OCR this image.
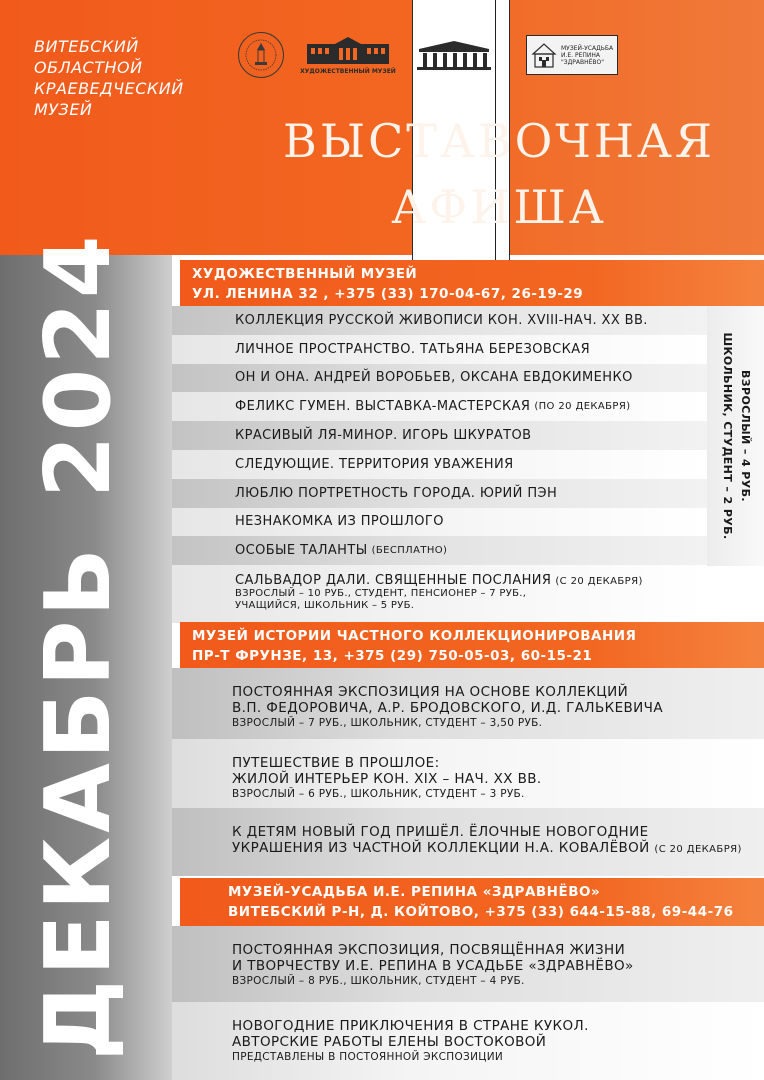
ВИТЕБСКИЙ
ОБЛАСТНОЙ
КРАЕВЕДЧЕСКИЙ
МУЗЕЙ
ХУДОЖЕСТВЕННЫЙ МУЗЕЙ
МУЗЕЙ-УСАДЬБА
И.Е. РЕПИНА
"ЗДРАВНЁВО"
ВЫСТАВОЧНАЯ
АФИША
ДЕКАБРЬ2024	ХУДОЖЕСТВЕННЫЙ МУЗЕЙ
УЛ. ЛЕНИНА 32 , +375 (33) 170-04-67, 26-19-29
КОЛЛЕКЦИЯ РУССКОЙ ЖИВОПИСИ КОН. XVIII-НАЧ. XX ВВ.
ЛИЧНОЕ ПРОСТРАНСТВО. ТАТЬЯНА БЕРЕЗОВСКАЯ
ОН И ОНА. АНДРЕЙ ВОРОБЬЕВ, ОКСАНА ЕВДОКИМЕНКО
ФЕЛИКС ГУМЕН. ВЫСТАВКА-МАСТЕРСКАЯ (ПО 20 ДЕКАБРЯ)
КРАСИВЫЙ ЛЯ-МИНОР. ИГОРЬ ШКУРАТОВ
СЛЕДУЮЩИЕ. ТЕРРИТОРИЯ УВАЖЕНИЯ
ЛЮБЛЮ ПОРТРЕТНОСТЬ ГОРОДА. ЮРИЙ ПЭН
НЕЗНАКОМКА ИЗ ПРОШЛОГО
ОСОБЫЕ ТАЛАНТЫ (БЕСПЛАТНО)
САЛЬВАДОР ДАЛИ. СВЯЩЕННЫЕ ПОСЛАНИЯ (С 20 ДЕКАБРЯ)
ВЗРОСЛЫЙ – 10 РУБ., СТУДЕНТ, ПЕНСИОНЕР – 7 РУБ.,
УЧАЩИЙСЯ, ШКОЛЬНИК – 5 РУБ.
ВЗРОСЛЫЙ – 4 РУБ.
ШКОЛЬНИК, СТУДЕНТ – 2 РУБ.
МУЗЕЙ ИСТОРИИ ЧАСТНОГО КОЛЛЕКЦИОНИРОВАНИЯ
ПР-Т ФРУНЗЕ, 13, +375 (29) 750-05-03, 60-15-21
ПОСТОЯННАЯ ЭКСПОЗИЦИЯ НА ОСНОВЕ КОЛЛЕКЦИЙ
В.П. ФЕДОРОВИЧА, А.Р. БРОДОВСКОГО, И.Д. ГАЛЬКЕВИЧА
ВЗРОСЛЫЙ – 7 РУБ., ШКОЛЬНИК, СТУДЕНТ – 3,50 РУБ.
ПУТЕШЕСТВИЕ В ПРОШЛОЕ:
ЖИЛОЙ ИНТЕРЬЕР КОН. XIX – НАЧ. XX ВВ.
ВЗРОСЛЫЙ – 6 РУБ., ШКОЛЬНИК, СТУДЕНТ – 3 РУБ.
К ДЕТЯМ НОВЫЙ ГОД ПРИШЁЛ. ЁЛОЧНЫЕ НОВОГОДНИЕ
УКРАШЕНИЯ ИЗ ЧАСТНОЙ КОЛЛЕКЦИИ Н.А. КОВАЛЁВОЙ (С 20 ДЕКАБРЯ)
МУЗЕЙ-УСАДЬБА И.Е. РЕПИНА «ЗДРАВНЁВО»
ВИТЕБСКИЙ Р-Н, Д. КОЙТОВО, +375 (33) 644-15-88, 69-44-76
ПОСТОЯННАЯ ЭКСПОЗИЦИЯ, ПОСВЯЩЁННАЯ ЖИЗНИ
И ТВОРЧЕСТВУ И.Е. РЕПИНА В УСАДЬБЕ «ЗДРАВНЁВО»
ВЗРОСЛЫЙ – 8 РУБ., ШКОЛЬНИК, СТУДЕНТ – 4 РУБ.
НОВОГОДНИЕ ПРИКЛЮЧЕНИЯ В СТРАНЕ КУКОЛ.
АВТОРСКИЕ РАБОТЫ ЕЛЕНЫ ВОСТОКОВОЙ
ПРЕДСТАВЛЕНЫ В ПОСТОЯННОЙ ЭКСПОЗИЦИИ
